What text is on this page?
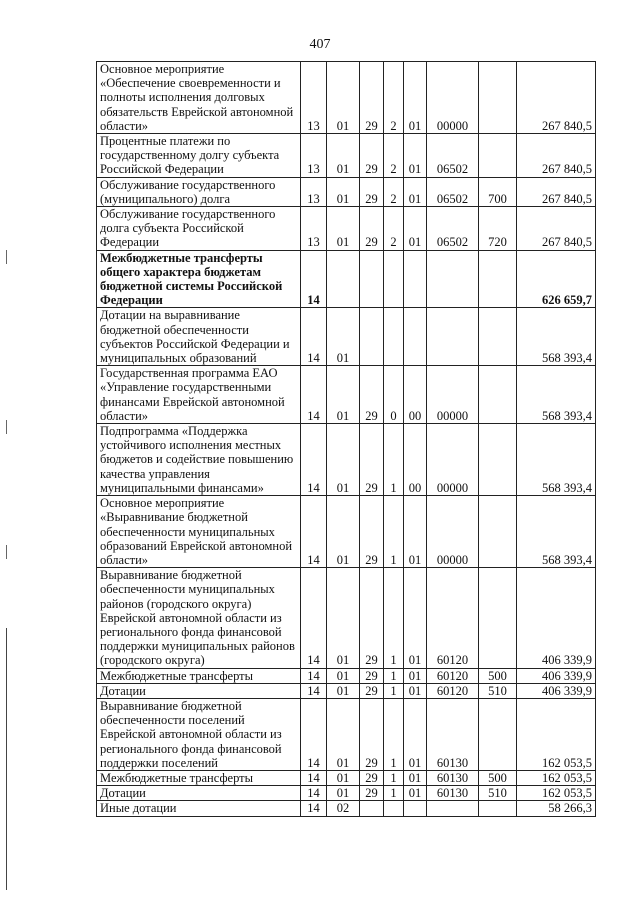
407
Основное мероприятие «Обеспечение своевременности и полноты исполнения долговых обязательств Еврейской автономной области»	13	01	29	2	01	00000		267 840,5
Процентные платежи по государственному долгу субъекта Российской Федерации	13	01	29	2	01	06502		267 840,5
Обслуживание государственного (муниципального) долга	13	01	29	2	01	06502	700	267 840,5
Обслуживание государственного долга субъекта Российской Федерации	13	01	29	2	01	06502	720	267 840,5
Межбюджетные трансферты общего характера бюджетам бюджетной системы Российской Федерации	14							626 659,7
Дотации на выравнивание бюджетной обеспеченности субъектов Российской Федерации и муниципальных образований	14	01						568 393,4
Государственная программа ЕАО «Управление государственными финансами Еврейской автономной области»	14	01	29	0	00	00000		568 393,4
Подпрограмма «Поддержка устойчивого исполнения местных бюджетов и содействие повышению качества управления муниципальными финансами»	14	01	29	1	00	00000		568 393,4
Основное мероприятие «Выравнивание бюджетной обеспеченности муниципальных образований Еврейской автономной области»	14	01	29	1	01	00000		568 393,4
Выравнивание бюджетной обеспеченности муниципальных районов (городского округа) Еврейской автономной области из регионального фонда финансовой поддержки муниципальных районов (городского округа)	14	01	29	1	01	60120		406 339,9
Межбюджетные трансферты	14	01	29	1	01	60120	500	406 339,9
Дотации	14	01	29	1	01	60120	510	406 339,9
Выравнивание бюджетной обеспеченности поселений Еврейской автономной области из регионального фонда финансовой поддержки поселений	14	01	29	1	01	60130		162 053,5
Межбюджетные трансферты	14	01	29	1	01	60130	500	162 053,5
Дотации	14	01	29	1	01	60130	510	162 053,5
Иные дотации	14	02						58 266,3
